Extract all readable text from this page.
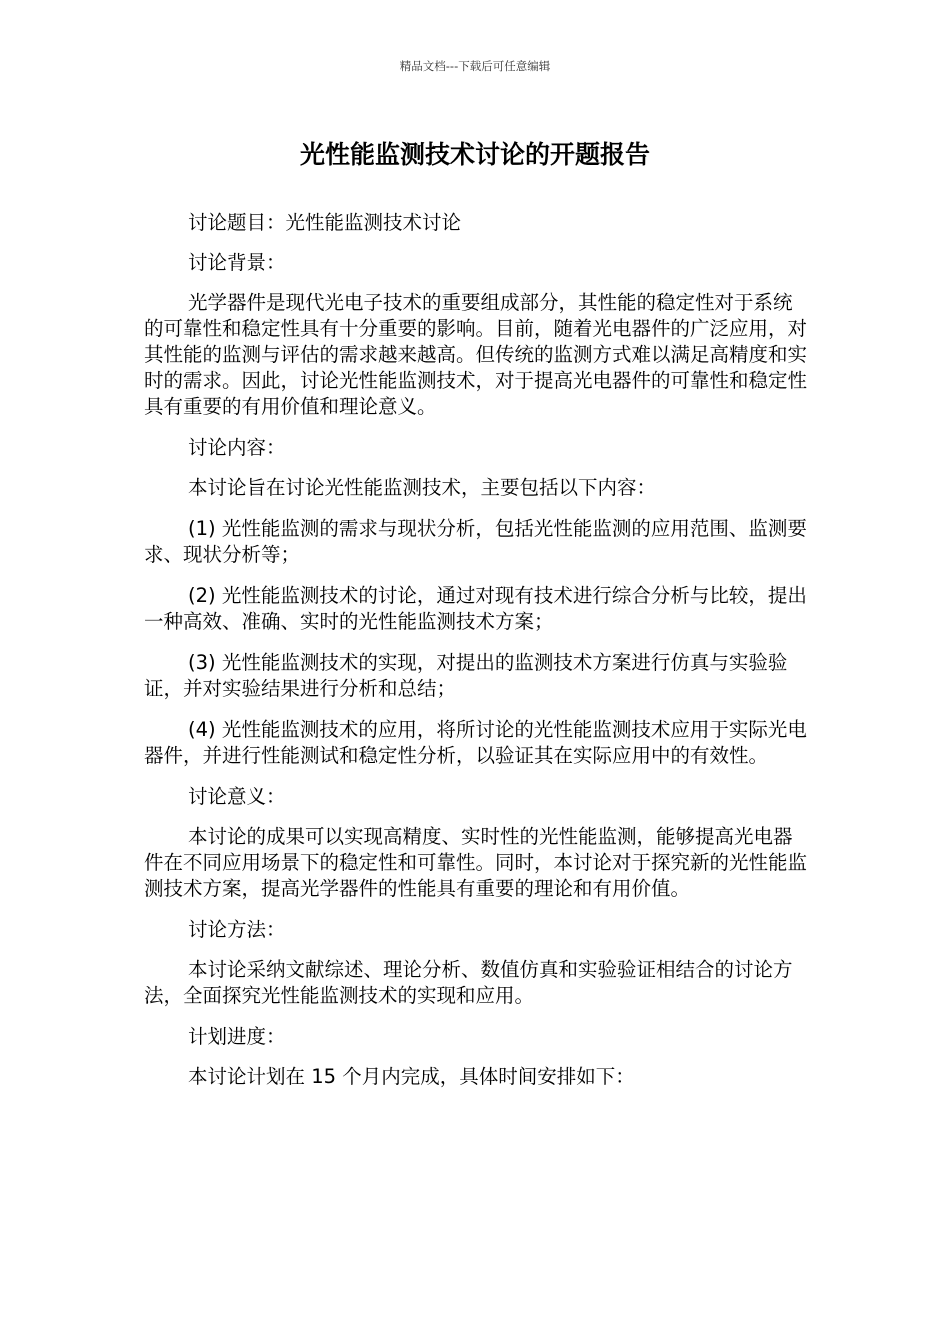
精品文档---下载后可任意编辑
光性能监测技术讨论的开题报告

讨论题目：光性能监测技术讨论

讨论背景：

光学器件是现代光电子技术的重要组成部分，其性能的稳定性对于系统的可靠性和稳定性具有十分重要的影响。目前，随着光电器件的广泛应用，对其性能的监测与评估的需求越来越高。但传统的监测方式难以满足高精度和实时的需求。因此，讨论光性能监测技术，对于提高光电器件的可靠性和稳定性具有重要的有用价值和理论意义。

讨论内容：

本讨论旨在讨论光性能监测技术，主要包括以下内容：

(1) 光性能监测的需求与现状分析，包括光性能监测的应用范围、监测要求、现状分析等；

(2) 光性能监测技术的讨论，通过对现有技术进行综合分析与比较，提出一种高效、准确、实时的光性能监测技术方案；

(3) 光性能监测技术的实现，对提出的监测技术方案进行仿真与实验验证，并对实验结果进行分析和总结；

(4) 光性能监测技术的应用，将所讨论的光性能监测技术应用于实际光电器件，并进行性能测试和稳定性分析，以验证其在实际应用中的有效性。

讨论意义：

本讨论的成果可以实现高精度、实时性的光性能监测，能够提高光电器件在不同应用场景下的稳定性和可靠性。同时，本讨论对于探究新的光性能监测技术方案，提高光学器件的性能具有重要的理论和有用价值。

讨论方法：

本讨论采纳文献综述、理论分析、数值仿真和实验验证相结合的讨论方法，全面探究光性能监测技术的实现和应用。

计划进度：

本讨论计划在 15 个月内完成，具体时间安排如下：
